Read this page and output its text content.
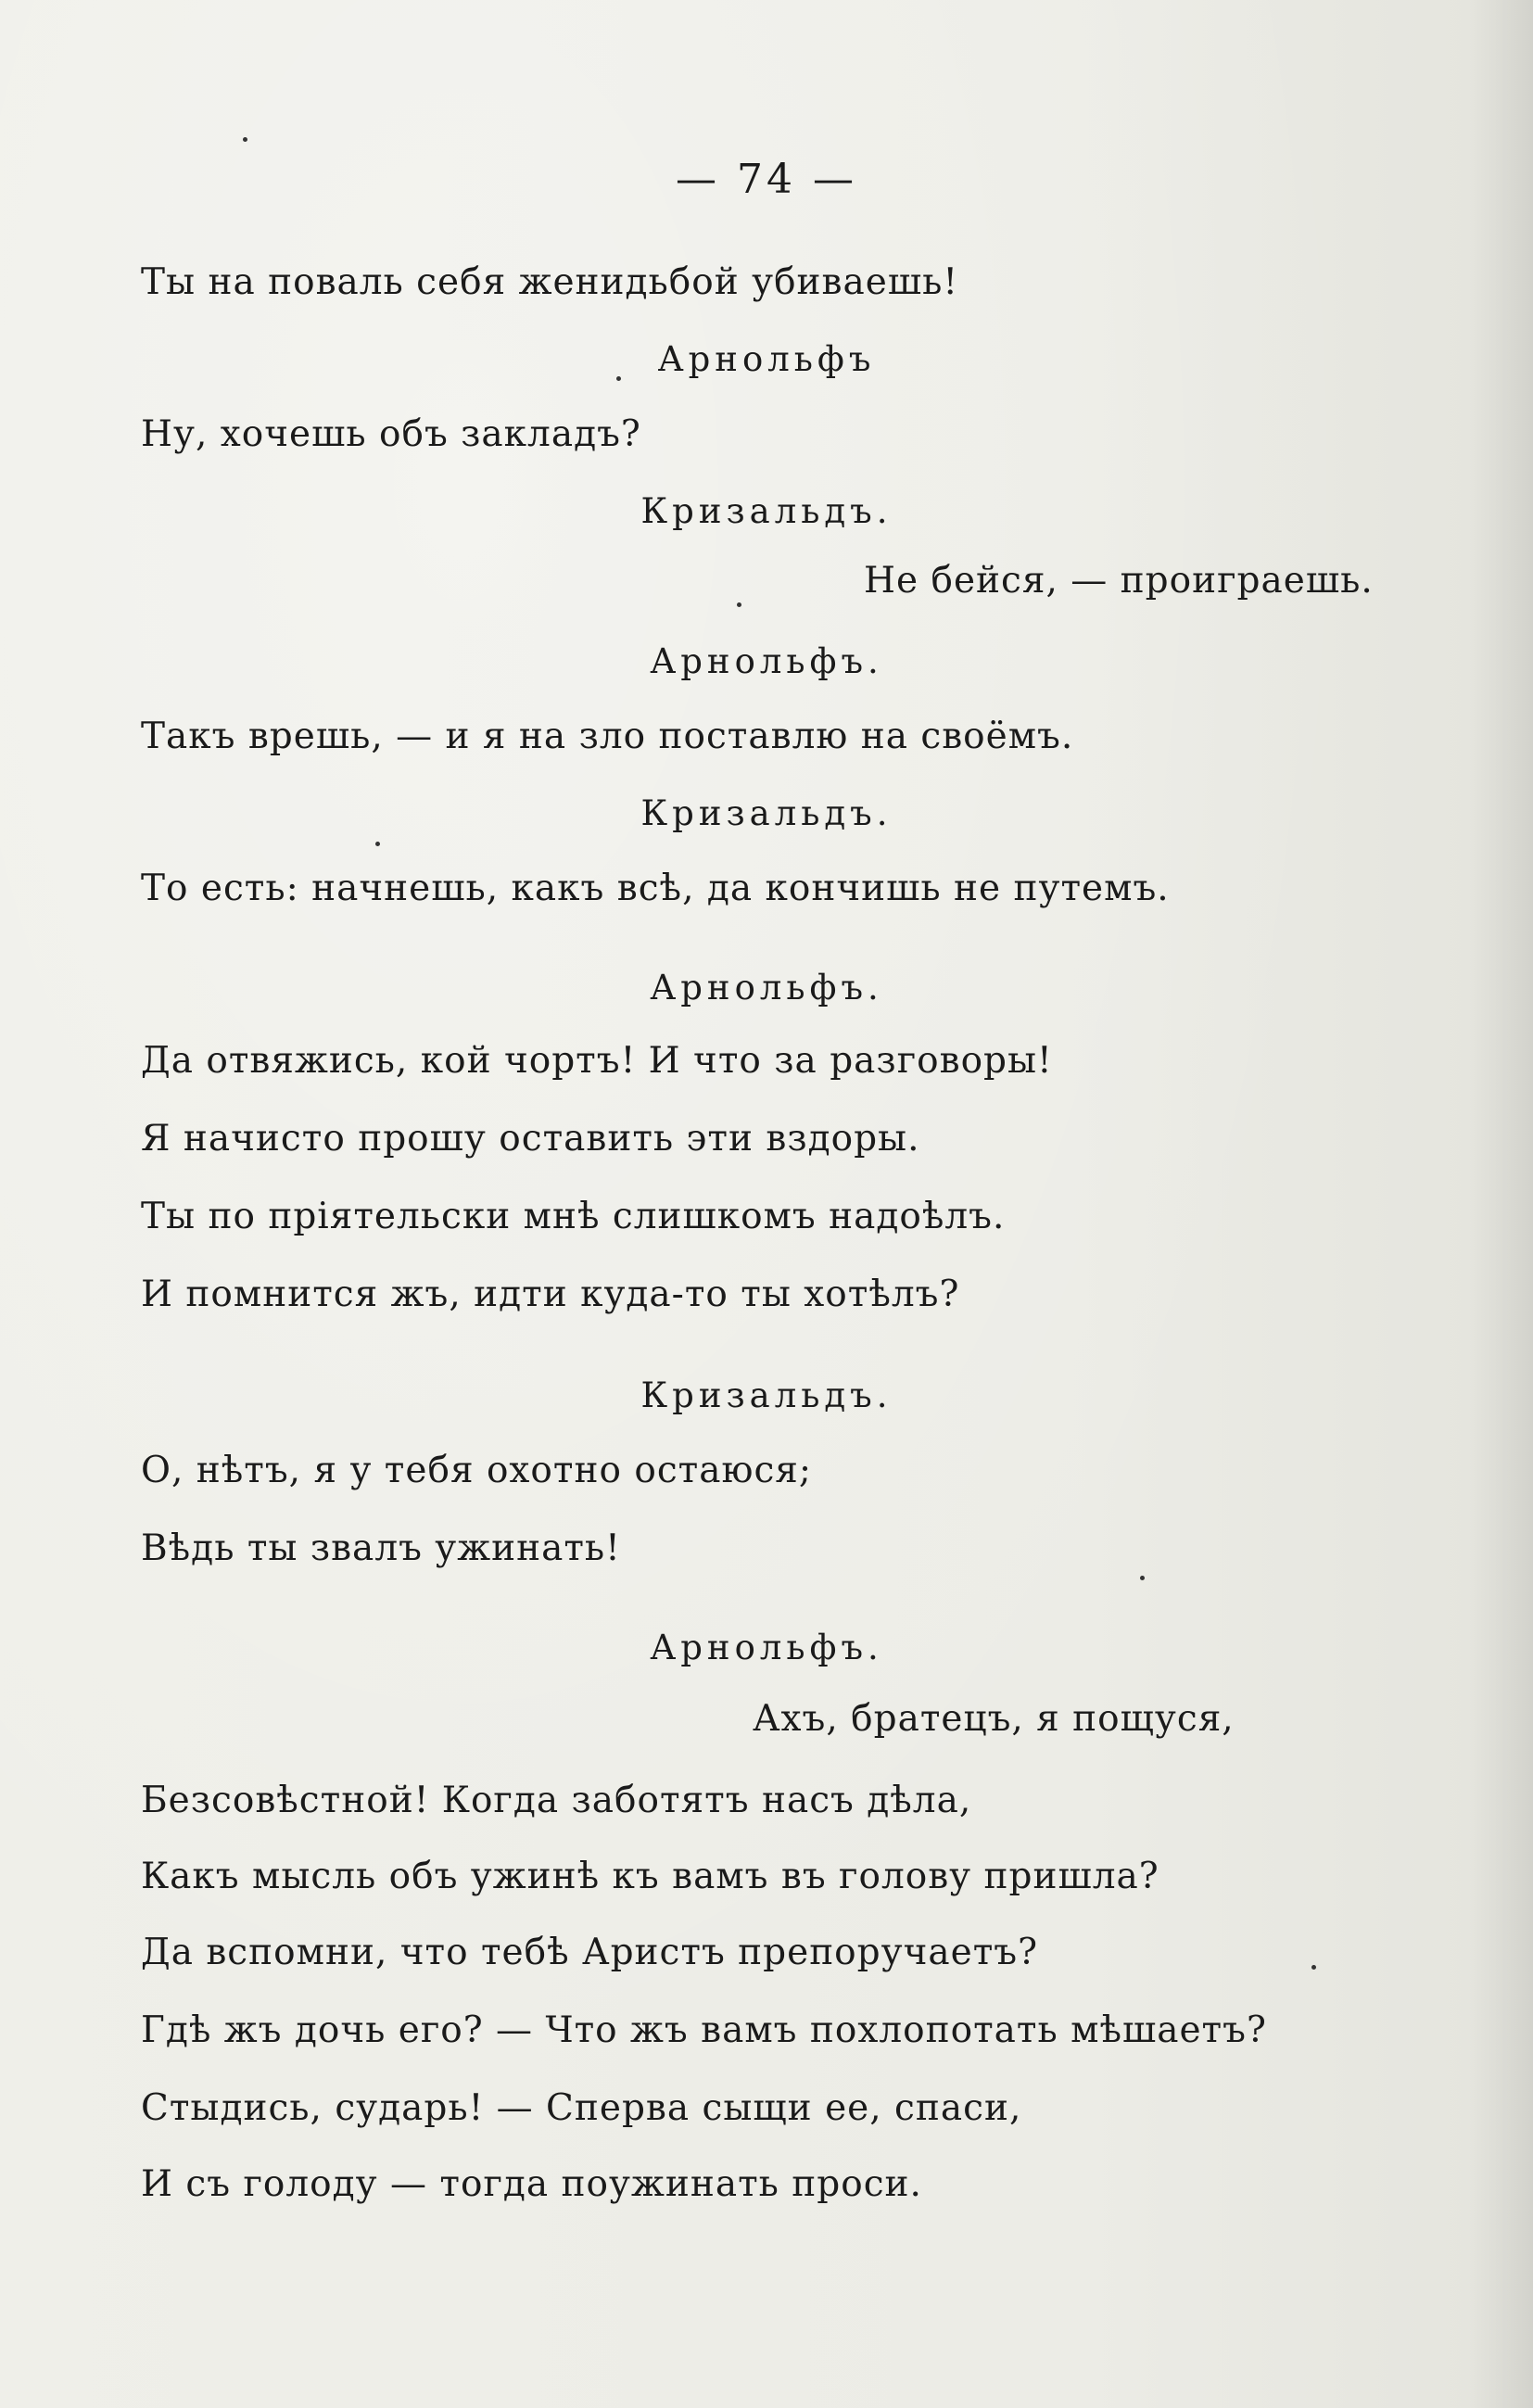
— 74 —
Ты на поваль себя женидьбой убиваешь!
Арнольфъ
Ну, хочешь объ закладъ?
Кризальдъ.
Не бейся, — проиграешь.
Арнольфъ.
Такъ врешь, — и я на зло поставлю на своёмъ.
Кризальдъ.
То есть: начнешь, какъ всѣ, да кончишь не путемъ.
Арнольфъ.
Да отвяжись, кой чортъ! И что за разговоры!
Я начисто прошу оставить эти вздоры.
Ты по пріятельски мнѣ слишкомъ надоѣлъ.
И помнится жъ, идти куда-то ты хотѣлъ?
Кризальдъ.
О, нѣтъ, я у тебя охотно остаюся;
Вѣдь ты звалъ ужинать!
Арнольфъ.
Ахъ, братецъ, я пощуся,
Безсовѣстной! Когда заботятъ насъ дѣла,
Какъ мысль объ ужинѣ къ вамъ въ голову пришла?
Да вспомни, что тебѣ Аристъ препоручаетъ?
Гдѣ жъ дочь его? — Что жъ вамъ похлопотать мѣшаетъ?
Стыдись, сударь! — Сперва сыщи ее, спаси,
И съ голоду — тогда поужинать проси.
